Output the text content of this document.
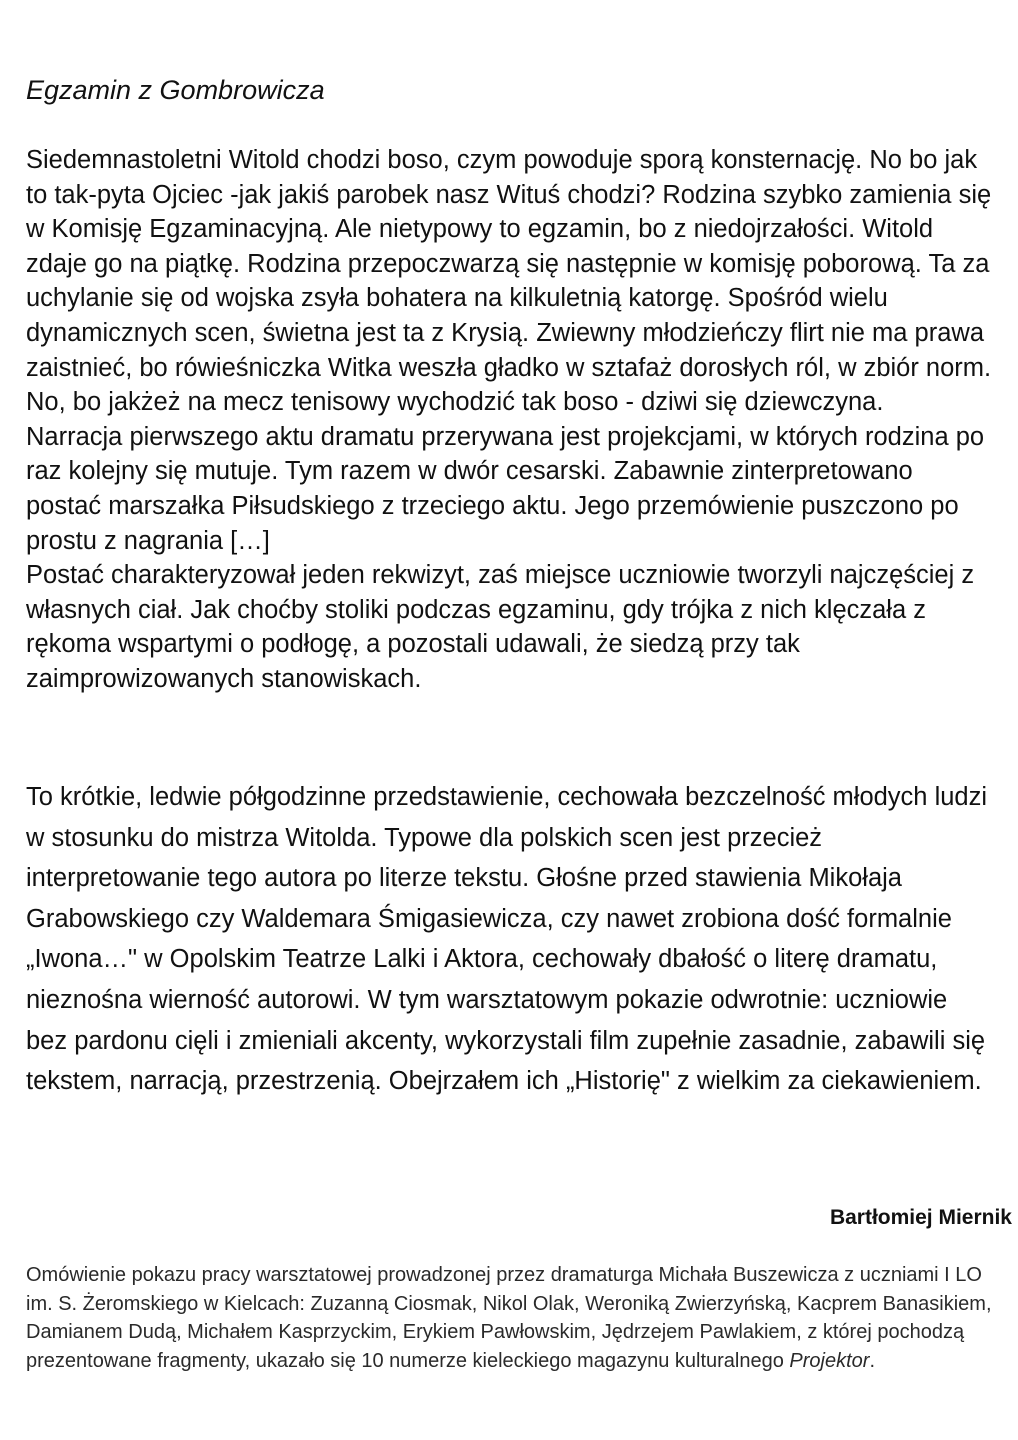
Egzamin z Gombrowicza

Siedemnastoletni Witold chodzi boso, czym powoduje sporą konsternację. No bo jak to tak-pyta Ojciec -jak jakiś parobek nasz Wituś chodzi? Rodzina szybko zamienia się w Komisję Egzaminacyjną. Ale nietypowy to egzamin, bo z niedojrzałości. Witold zdaje go na piątkę. Rodzina przepoczwarzą się następnie w komisję poborową. Ta za uchylanie się od wojska zsyła bohatera na kilkuletnią katorgę. Spośród wielu dynamicznych scen, świetna jest ta z Krysią. Zwiewny młodzieńczy flirt nie ma prawa zaistnieć, bo rówieśniczka Witka weszła gładko w sztafaż dorosłych ról, w zbiór norm. No, bo jakżeż na mecz tenisowy wychodzić tak boso - dziwi się dziewczyna.

Narracja pierwszego aktu dramatu przerywana jest projekcjami, w których rodzina po raz kolejny się mutuje. Tym razem w dwór cesarski. Zabawnie zinterpretowano postać marszałka Piłsudskiego z trzeciego aktu. Jego przemówienie puszczono po prostu z nagrania […]

Postać charakteryzował jeden rekwizyt, zaś miejsce uczniowie tworzyli najczęściej z własnych ciał. Jak choćby stoliki podczas egzaminu, gdy trójka z nich klęczała z rękoma wspartymi o podłogę, a pozostali udawali, że siedzą przy tak zaimprowizowanych stanowiskach.

To krótkie, ledwie półgodzinne przedstawienie, cechowała bezczelność młodych ludzi w stosunku do mistrza Witolda. Typowe dla polskich scen jest przecież interpretowanie tego autora po literze tekstu. Głośne przed stawienia Mikołaja Grabowskiego czy Waldemara Śmigasiewicza, czy nawet zrobiona dość formalnie „Iwona…" w Opolskim Teatrze Lalki i Aktora, cechowały dbałość o literę dramatu, nieznośna wierność autorowi. W tym warsztatowym pokazie odwrotnie: uczniowie bez pardonu cięli i zmieniali akcenty, wykorzystali film zupełnie zasadnie, zabawili się tekstem, narracją, przestrzenią. Obejrzałem ich „Historię" z wielkim za ciekawieniem.

Bartłomiej Miernik

Omówienie pokazu pracy warsztatowej prowadzonej przez dramaturga Michała Buszewicza z uczniami I LO im. S. Żeromskiego w Kielcach: Zuzanną Ciosmak, Nikol Olak, Weroniką Zwierzyńską, Kacprem Banasikiem, Damianem Dudą, Michałem Kasprzyckim, Erykiem Pawłowskim, Jędrzejem Pawlakiem, z której pochodzą prezentowane fragmenty, ukazało się 10 numerze kieleckiego magazynu kulturalnego Projektor.
